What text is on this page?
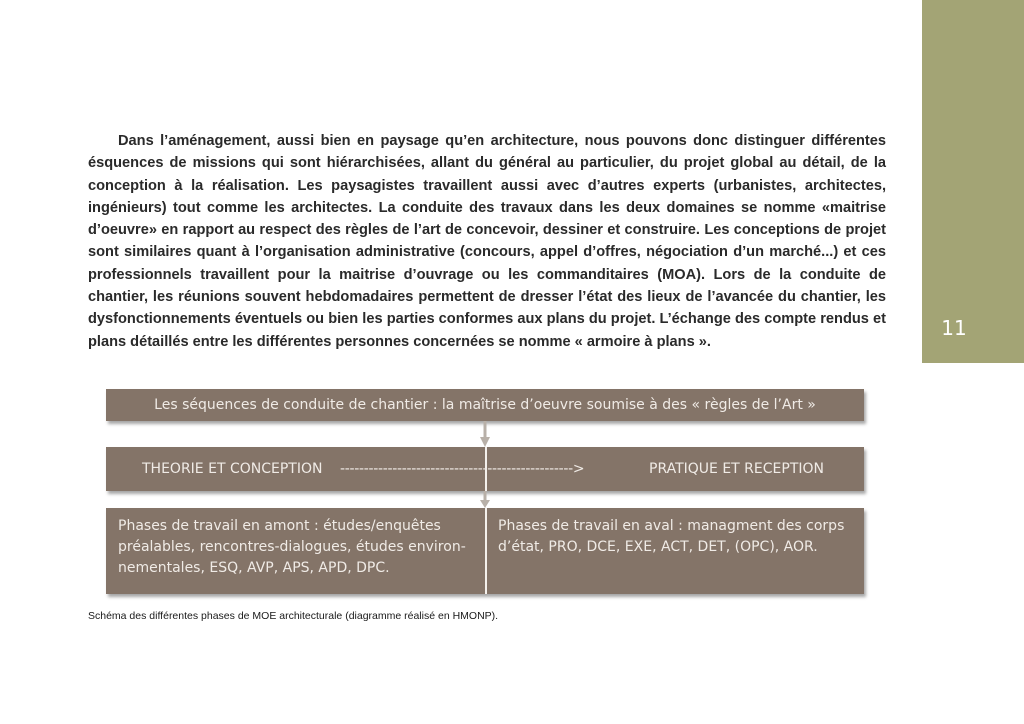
11

Dans l’aménagement, aussi bien en paysage qu’en architecture, nous pouvons donc distinguer différentes ésquences de missions qui sont hiérarchisées, allant du général au particulier, du projet global au détail, de la conception à la réalisation. Les paysagistes travaillent aussi avec d’autres experts (urbanistes, architectes, ingénieurs) tout comme les architectes. La conduite des travaux dans les deux domaines se nomme «maitrise d’oeuvre» en rapport au respect des règles de l’art de concevoir, dessiner et construire. Les conceptions de projet sont similaires quant à l’organisation administrative (concours, appel d’offres, négociation d’un marché...) et ces professionnels travaillent pour la maitrise d’ouvrage ou les commanditaires (MOA). Lors de la conduite de chantier, les réunions souvent hebdomadaires permettent de dresser l’état des lieux de l’avancée du chantier, les dysfonctionnements éventuels ou bien les parties conformes aux plans du projet. L’échange des compte rendus et plans détaillés entre les différentes personnes concernées se nomme « armoire à plans ».

Les séquences de conduite de chantier : la maîtrise d’oeuvre soumise à des « règles de l’Art »
THEORIE ET CONCEPTION ------------------------------------------------->	PRATIQUE ET RECEPTION
Phases de travail en amont : études/enquêtes préalables, rencontres-dialogues, études environnementales, ESQ, AVP, APS, APD, DPC.
Phases de travail en aval : managment des corps d’état, PRO, DCE, EXE, ACT, DET, (OPC), AOR.
Schéma des différentes phases de MOE architecturale (diagramme réalisé en HMONP).
